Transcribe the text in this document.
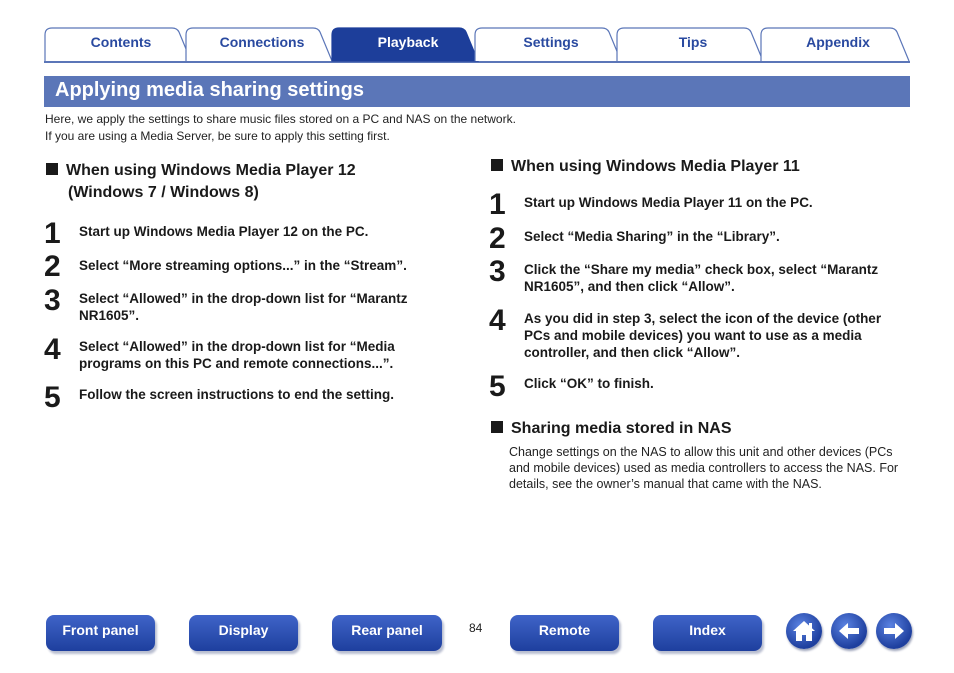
Contents	Connections	Playback	Settings	Tips	Appendix
Applying media sharing settings
Here, we apply the settings to share music files stored on a PC and NAS on the network.
If you are using a Media Server, be sure to apply this setting first.
When using Windows Media Player 12
(Windows 7 / Windows 8)
1 Start up Windows Media Player 12 on the PC.
2 Select “More streaming options...” in the “Stream”.
3 Select “Allowed” in the drop-down list for “Marantz
NR1605”.
4 Select “Allowed” in the drop-down list for “Media
programs on this PC and remote connections...”.
5 Follow the screen instructions to end the setting.
When using Windows Media Player 11
1 Start up Windows Media Player 11 on the PC.
2 Select “Media Sharing” in the “Library”.
3 Click the “Share my media” check box, select “Marantz
NR1605”, and then click “Allow”.
4 As you did in step 3, select the icon of the device (other
PCs and mobile devices) you want to use as a media
controller, and then click “Allow”.
5 Click “OK” to finish.
Sharing media stored in NAS
Change settings on the NAS to allow this unit and other devices (PCs
and mobile devices) used as media controllers to access the NAS. For
details, see the owner’s manual that came with the NAS.
Front panel	Display	Rear panel	84	Remote	Index
